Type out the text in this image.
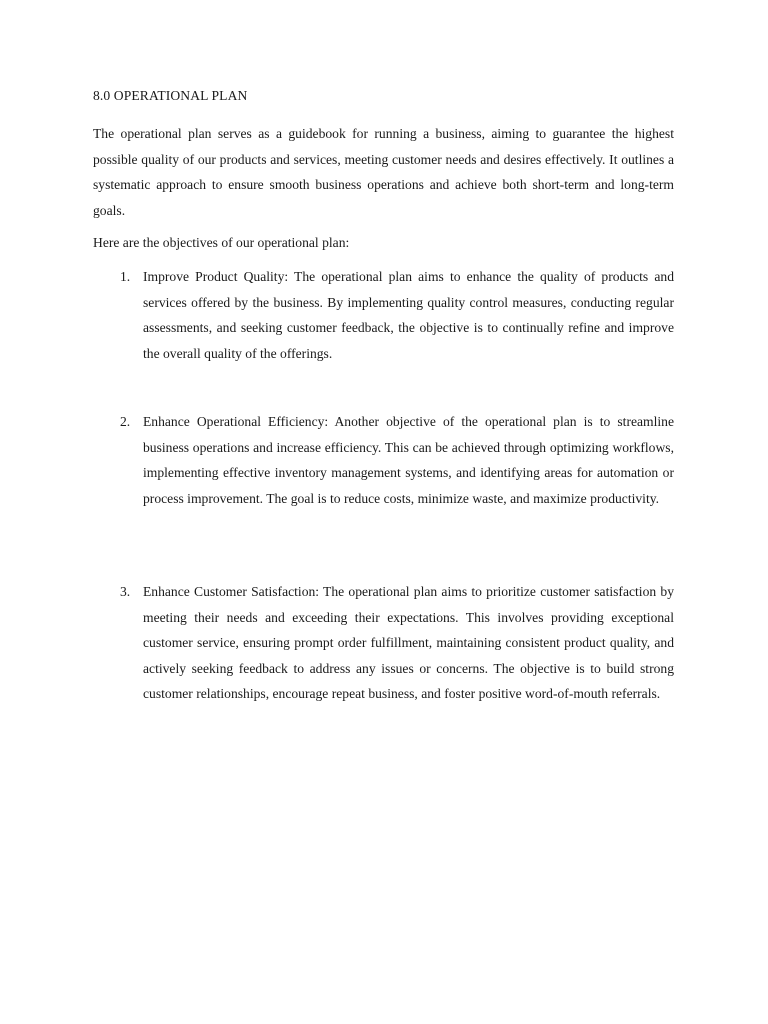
8.0 OPERATIONAL PLAN

The operational plan serves as a guidebook for running a business, aiming to guarantee the highest possible quality of our products and services, meeting customer needs and desires effectively. It outlines a systematic approach to ensure smooth business operations and achieve both short-term and long-term goals.

Here are the objectives of our operational plan:

1. Improve Product Quality: The operational plan aims to enhance the quality of products and services offered by the business. By implementing quality control measures, conducting regular assessments, and seeking customer feedback, the objective is to continually refine and improve the overall quality of the offerings.

2. Enhance Operational Efficiency: Another objective of the operational plan is to streamline business operations and increase efficiency. This can be achieved through optimizing workflows, implementing effective inventory management systems, and identifying areas for automation or process improvement. The goal is to reduce costs, minimize waste, and maximize productivity.

3. Enhance Customer Satisfaction: The operational plan aims to prioritize customer satisfaction by meeting their needs and exceeding their expectations. This involves providing exceptional customer service, ensuring prompt order fulfillment, maintaining consistent product quality, and actively seeking feedback to address any issues or concerns. The objective is to build strong customer relationships, encourage repeat business, and foster positive word-of-mouth referrals.
